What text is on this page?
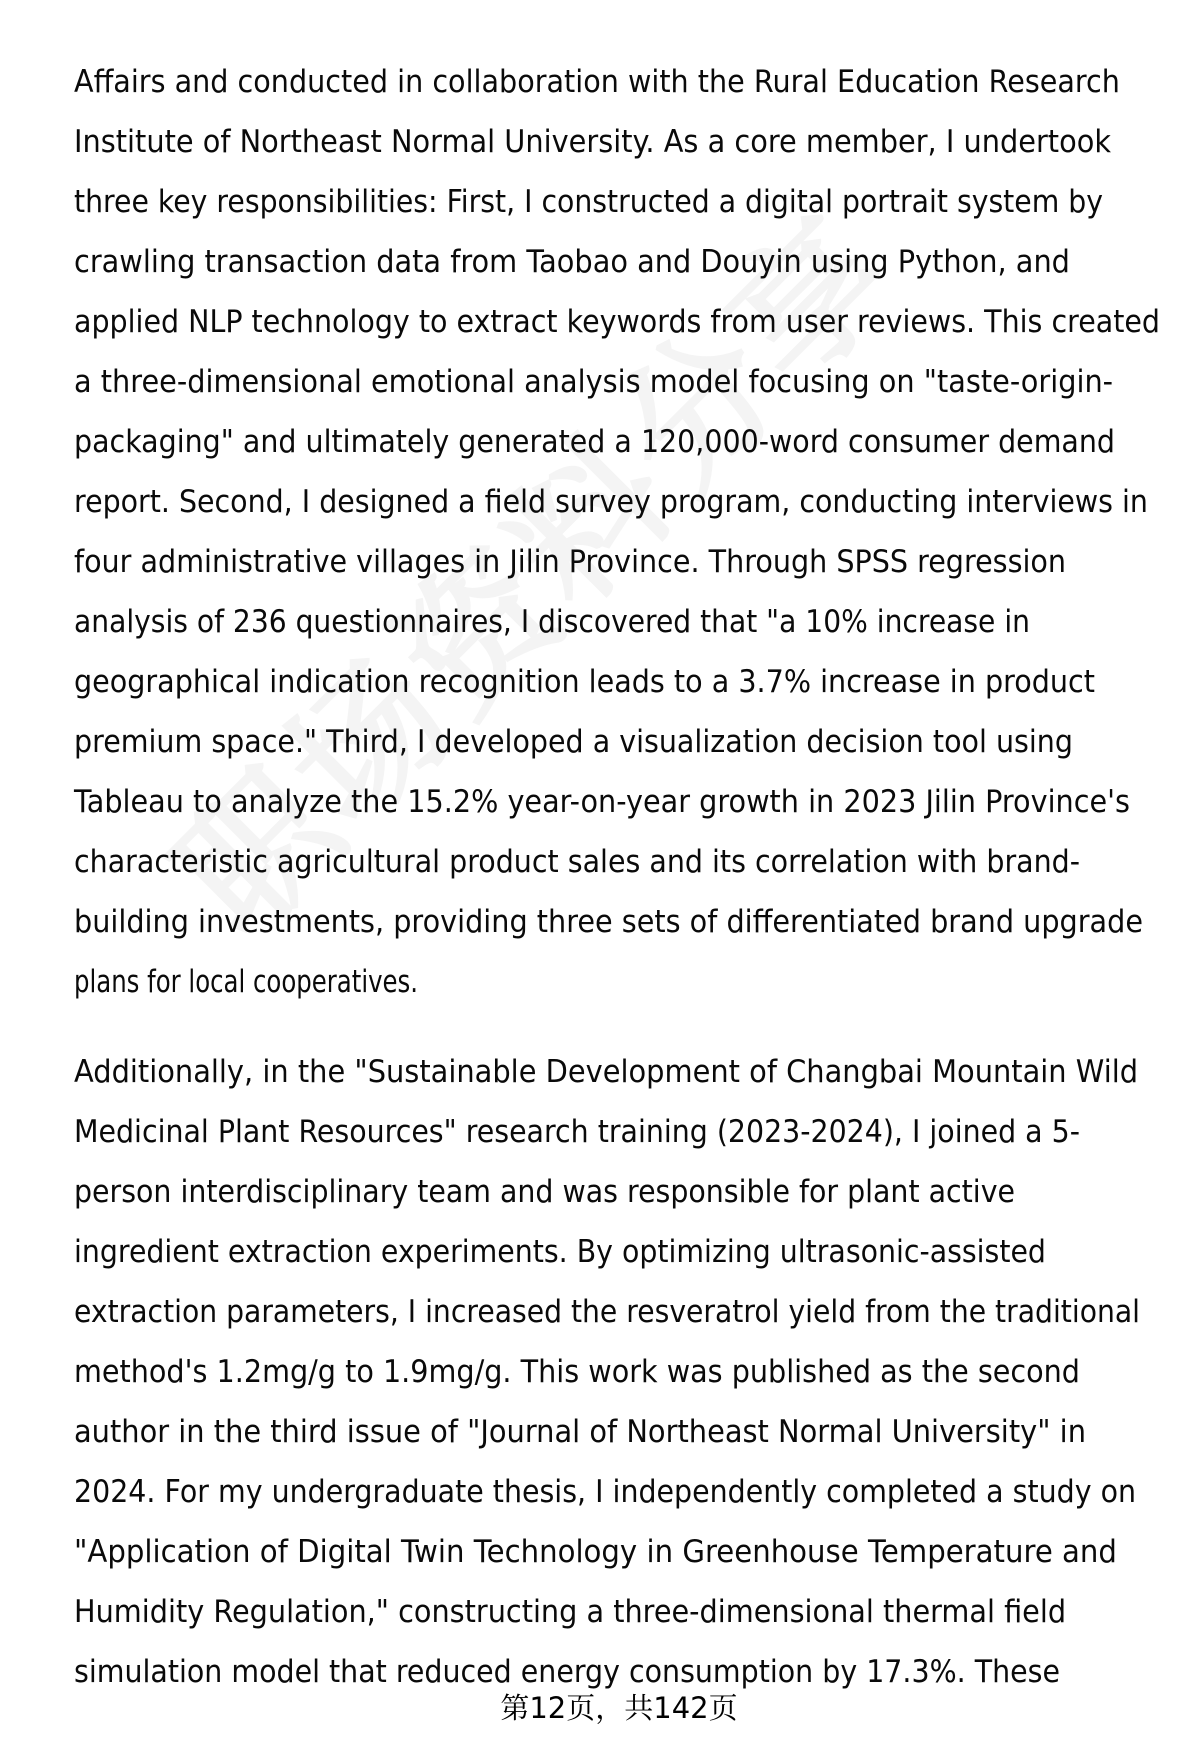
Affairs and conducted in collaboration with the Rural Education Research
Institute of Northeast Normal University. As a core member, I undertook
three key responsibilities: First, I constructed a digital portrait system by
crawling transaction data from Taobao and Douyin using Python, and
applied NLP technology to extract keywords from user reviews. This created
a three-dimensional emotional analysis model focusing on "taste-origin-
packaging" and ultimately generated a 120,000-word consumer demand
report. Second, I designed a field survey program, conducting interviews in
four administrative villages in Jilin Province. Through SPSS regression
analysis of 236 questionnaires, I discovered that "a 10% increase in
geographical indication recognition leads to a 3.7% increase in product
premium space." Third, I developed a visualization decision tool using
Tableau to analyze the 15.2% year-on-year growth in 2023 Jilin Province's
characteristic agricultural product sales and its correlation with brand-
building investments, providing three sets of differentiated brand upgrade
plans for local cooperatives.
Additionally, in the "Sustainable Development of Changbai Mountain Wild
Medicinal Plant Resources" research training (2023-2024), I joined a 5-
person interdisciplinary team and was responsible for plant active
ingredient extraction experiments. By optimizing ultrasonic-assisted
extraction parameters, I increased the resveratrol yield from the traditional
method's 1.2mg/g to 1.9mg/g. This work was published as the second
author in the third issue of "Journal of Northeast Normal University" in
2024. For my undergraduate thesis, I independently completed a study on
"Application of Digital Twin Technology in Greenhouse Temperature and
Humidity Regulation," constructing a three-dimensional thermal field
simulation model that reduced energy consumption by 17.3%. These
第12页，共142页
